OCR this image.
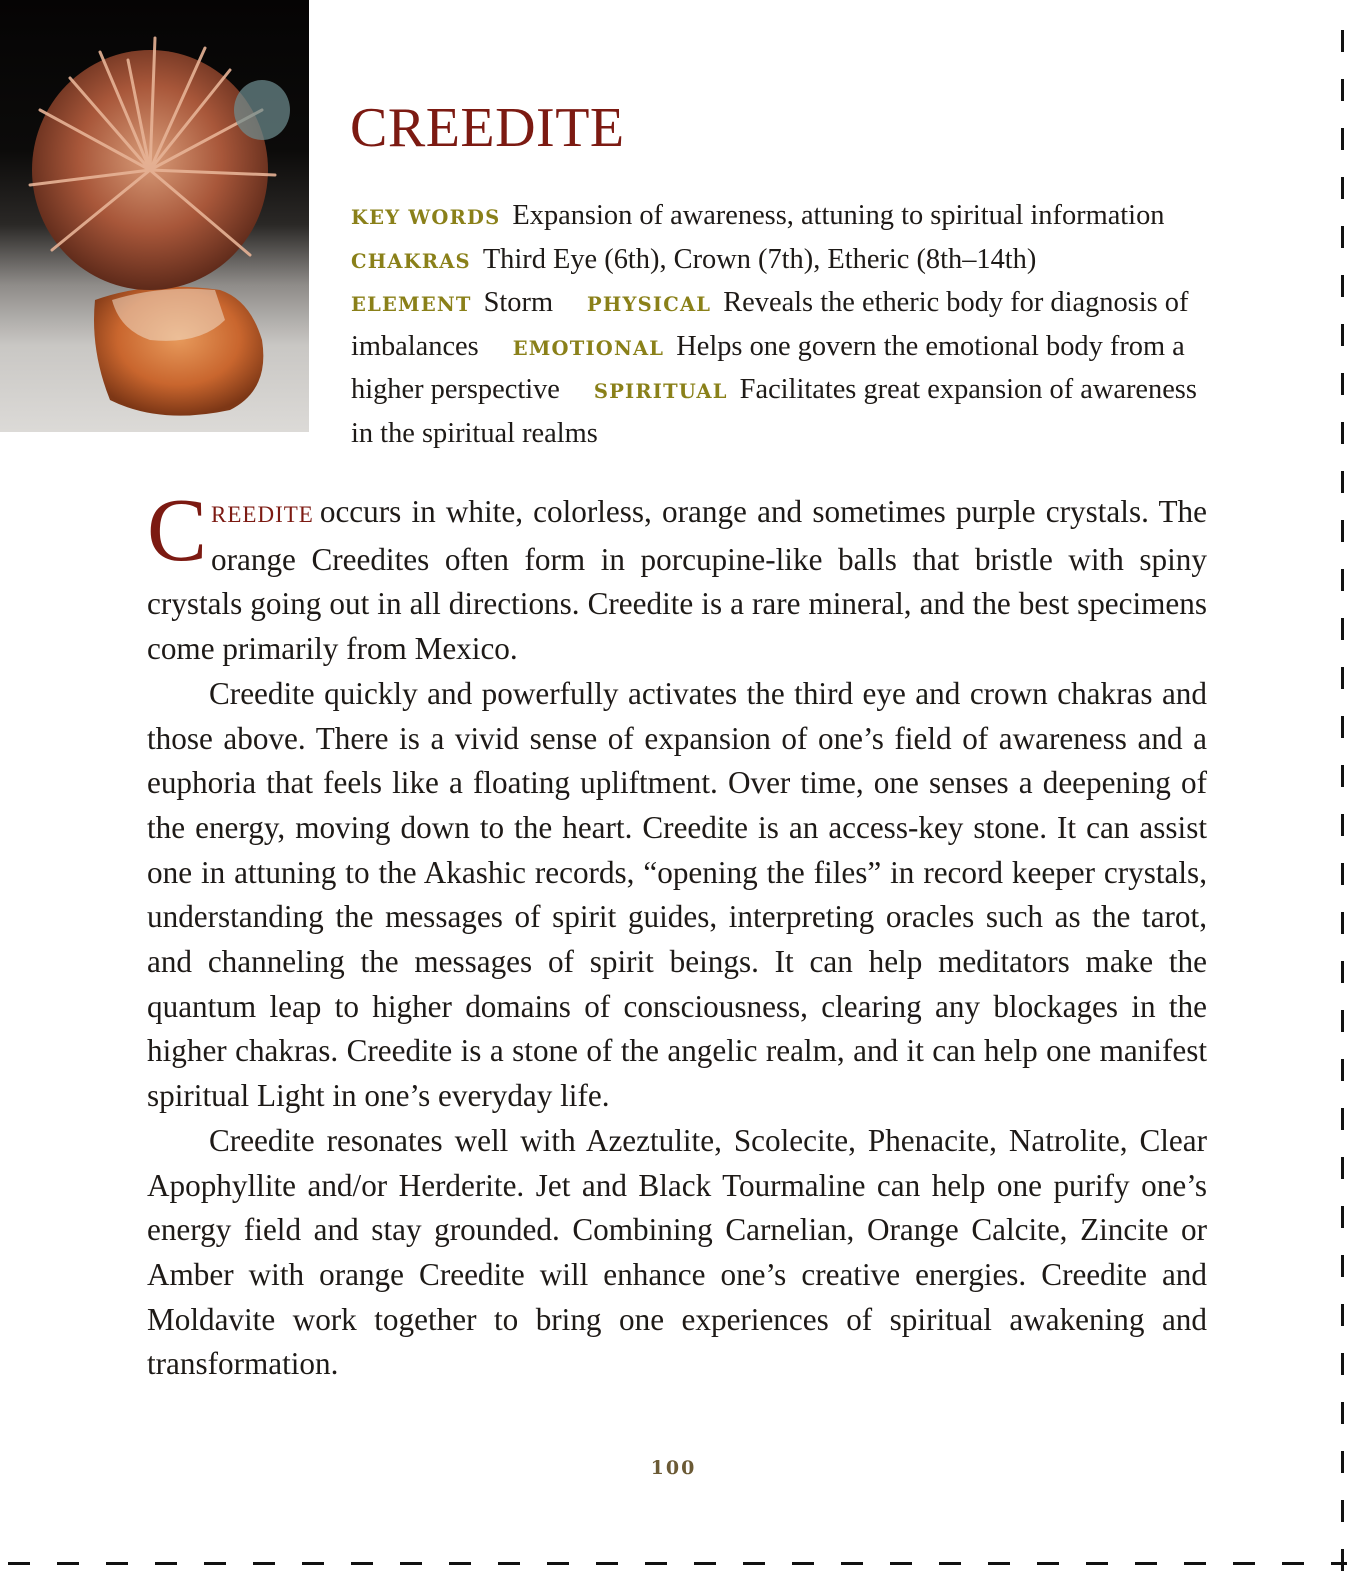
CREEDITE
KEY WORDS Expansion of awareness, attuning to spiritual informationCHAKRAS Third Eye (6th), Crown (7th), Etheric (8th–14th)ELEMENT Storm PHYSICAL Reveals the etheric body for diagnosis of imbalances EMOTIONAL Helps one govern the emotional body from a higher perspective SPIRITUAL Facilitates great expansion of awareness in the spiritual realms

CREEDITE occurs in white, colorless, orange and sometimes purple crystals. The orange Creedites often form in porcupine-like balls that bristle with spiny crystals going out in all directions. Creedite is a rare mineral, and the best specimens come primarily from Mexico.

Creedite quickly and powerfully activates the third eye and crown chakras and those above. There is a vivid sense of expansion of one’s field of awareness and a euphoria that feels like a floating upliftment. Over time, one senses a deepening of the energy, moving down to the heart. Creedite is an access-key stone. It can assist one in attuning to the Akashic records, “opening the files” in record keeper crystals, understanding the messages of spirit guides, interpreting oracles such as the tarot, and channeling the messages of spirit beings. It can help meditators make the quantum leap to higher domains of consciousness, clearing any blockages in the higher chakras. Creedite is a stone of the angelic realm, and it can help one manifest spiritual Light in one’s everyday life.

Creedite resonates well with Azeztulite, Scolecite, Phenacite, Natrolite, Clear Apophyllite and/or Herderite. Jet and Black Tourmaline can help one purify one’s energy field and stay grounded. Combining Carnelian, Orange Calcite, Zincite or Amber with orange Creedite will enhance one’s creative energies. Creedite and Moldavite work together to bring one experiences of spiritual awakening and transformation.

100
